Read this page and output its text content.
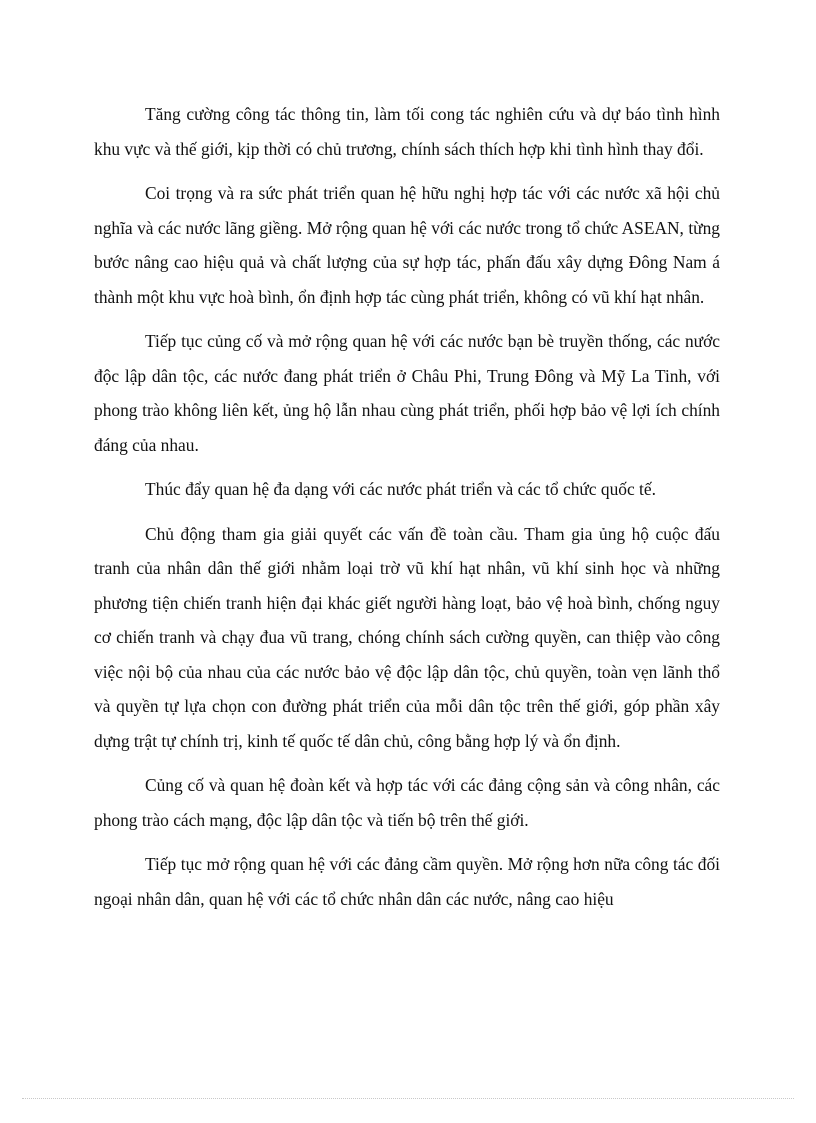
Tăng cường công tác thông tin, làm tối cong tác nghiên cứu và dự báo tình hình khu vực và thế giới, kịp thời có chủ trương, chính sách thích hợp khi tình hình thay đổi.

Coi trọng và ra sức phát triển quan hệ hữu nghị hợp tác với các nước xã hội chủ nghĩa và các nước lãng giềng. Mở rộng quan hệ với các nước trong tổ chức ASEAN, từng bước nâng cao hiệu quả và chất lượng của sự hợp tác, phấn đấu xây dựng Đông Nam á thành một khu vực hoà bình, ổn định hợp tác cùng phát triển, không có vũ khí hạt nhân.

Tiếp tục củng cố và mở rộng quan hệ với các nước bạn bè truyền thống, các nước độc lập dân tộc, các nước đang phát triển ở Châu Phi, Trung Đông và Mỹ La Tinh, với phong trào không liên kết, ủng hộ lẫn nhau cùng phát triển, phối hợp bảo vệ lợi ích chính đáng của nhau.

Thúc đẩy quan hệ đa dạng với các nước phát triển và các tổ chức quốc tế.

Chủ động tham gia giải quyết các vấn đề toàn cầu. Tham gia ủng hộ cuộc đấu tranh của nhân dân thế giới nhằm loại trờ vũ khí hạt nhân, vũ khí sinh học và những phương tiện chiến tranh hiện đại khác giết người hàng loạt, bảo vệ hoà bình, chống nguy cơ chiến tranh và chạy đua vũ trang, chóng chính sách cường quyền, can thiệp vào công việc nội bộ của nhau của các nước bảo vệ độc lập dân tộc, chủ quyền, toàn vẹn lãnh thổ và quyền tự lựa chọn con đường phát triển của mỗi dân tộc trên thế giới, góp phần xây dựng trật tự chính trị, kinh tế quốc tế dân chủ, công bằng hợp lý và ổn định.

Củng cố và quan hệ đoàn kết và hợp tác với các đảng cộng sản và công nhân, các phong trào cách mạng, độc lập dân tộc và tiến bộ trên thế giới.

Tiếp tục mở rộng quan hệ với các đảng cầm quyền. Mở rộng hơn nữa công tác đối ngoại nhân dân, quan hệ với các tổ chức nhân dân các nước, nâng cao hiệu
